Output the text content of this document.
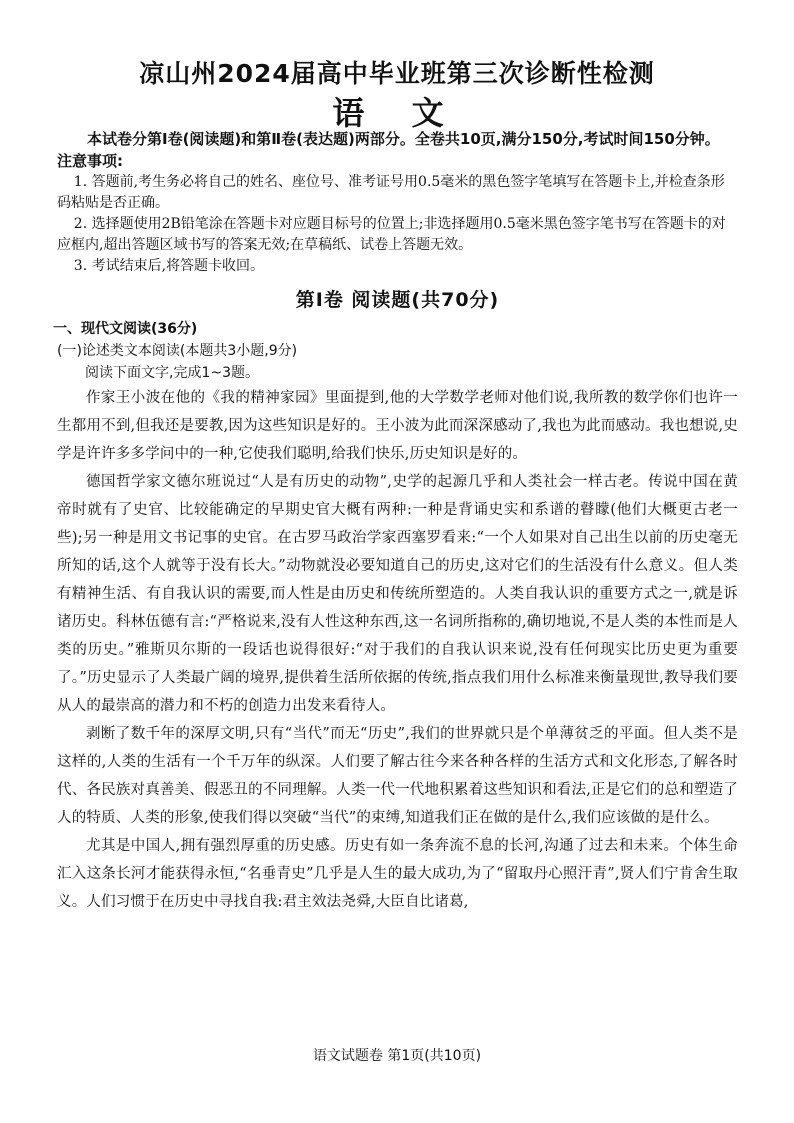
凉山州2024届高中毕业班第三次诊断性检测
语 文

本试卷分第Ⅰ卷(阅读题)和第Ⅱ卷(表达题)两部分。全卷共10页,满分150分,考试时间150分钟。

注意事项:

1. 答题前,考生务必将自己的姓名、座位号、准考证号用0.5毫米的黑色签字笔填写在答题卡上,并检查条形码粘贴是否正确。

2. 选择题使用2B铅笔涂在答题卡对应题目标号的位置上;非选择题用0.5毫米黑色签字笔书写在答题卡的对应框内,超出答题区域书写的答案无效;在草稿纸、试卷上答题无效。

3. 考试结束后,将答题卡收回。

第Ⅰ卷 阅读题(共70分)

一、现代文阅读(36分)

(一)论述类文本阅读(本题共3小题,9分)

阅读下面文字,完成1~3题。

作家王小波在他的《我的精神家园》里面提到,他的大学数学老师对他们说,我所教的数学你们也许一生都用不到,但我还是要教,因为这些知识是好的。王小波为此而深深感动了,我也为此而感动。我也想说,史学是许许多多学问中的一种,它使我们聪明,给我们快乐,历史知识是好的。

德国哲学家文德尔班说过“人是有历史的动物”,史学的起源几乎和人类社会一样古老。传说中国在黄帝时就有了史官、比较能确定的早期史官大概有两种:一种是背诵史实和系谱的瞽矇(他们大概更古老一些);另一种是用文书记事的史官。在古罗马政治学家西塞罗看来:“一个人如果对自己出生以前的历史毫无所知的话,这个人就等于没有长大。”动物就没必要知道自己的历史,这对它们的生活没有什么意义。但人类有精神生活、有自我认识的需要,而人性是由历史和传统所塑造的。人类自我认识的重要方式之一,就是诉诸历史。科林伍德有言:“严格说来,没有人性这种东西,这一名词所指称的,确切地说,不是人类的本性而是人类的历史。”雅斯贝尔斯的一段话也说得很好:“对于我们的自我认识来说,没有任何现实比历史更为重要了。”历史显示了人类最广阔的境界,提供着生活所依据的传统,指点我们用什么标准来衡量现世,教导我们要从人的最崇高的潜力和不朽的创造力出发来看待人。

剥断了数千年的深厚文明,只有“当代”而无“历史”,我们的世界就只是个单薄贫乏的平面。但人类不是这样的,人类的生活有一个千万年的纵深。人们要了解古往今来各种各样的生活方式和文化形态,了解各时代、各民族对真善美、假恶丑的不同理解。人类一代一代地积累着这些知识和看法,正是它们的总和塑造了人的特质、人类的形象,使我们得以突破“当代”的束缚,知道我们正在做的是什么,我们应该做的是什么。

尤其是中国人,拥有强烈厚重的历史感。历史有如一条奔流不息的长河,沟通了过去和未来。个体生命汇入这条长河才能获得永恒,“名垂青史”几乎是人生的最大成功,为了“留取丹心照汗青”,贤人们宁肯舍生取义。人们习惯于在历史中寻找自我:君主效法尧舜,大臣自比诸葛,

语文试题卷 第1页(共10页)
